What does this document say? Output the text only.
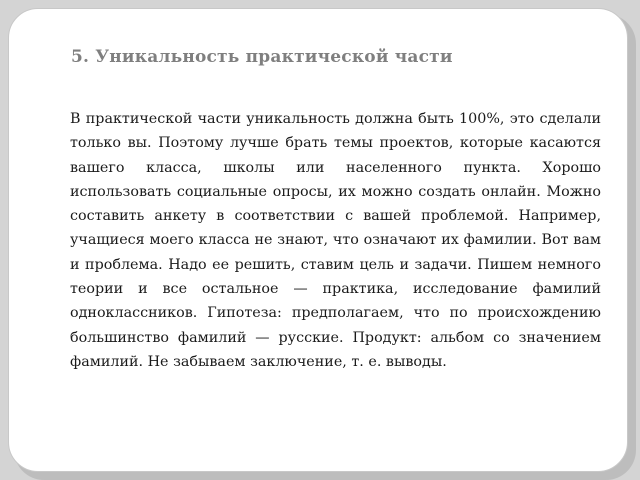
5. Уникальность практической части
В практической части уникальность должна быть 100%, это сделали только вы. Поэтому лучше брать темы проектов, которые касаются вашего класса, школы или населенного пункта. Хорошо использовать социальные опросы, их можно создать онлайн. Можно составить анкету в соответствии с вашей проблемой. Например, учащиеся моего класса не знают, что означают их фамилии. Вот вам и проблема. Надо ее решить, ставим цель и задачи. Пишем немного теории и все остальное — практика, исследование фамилий одноклассников. Гипотеза: предполагаем, что по происхождению большинство фамилий — русские. Продукт: альбом со значением фамилий. Не забываем заключение, т. е. выводы.
